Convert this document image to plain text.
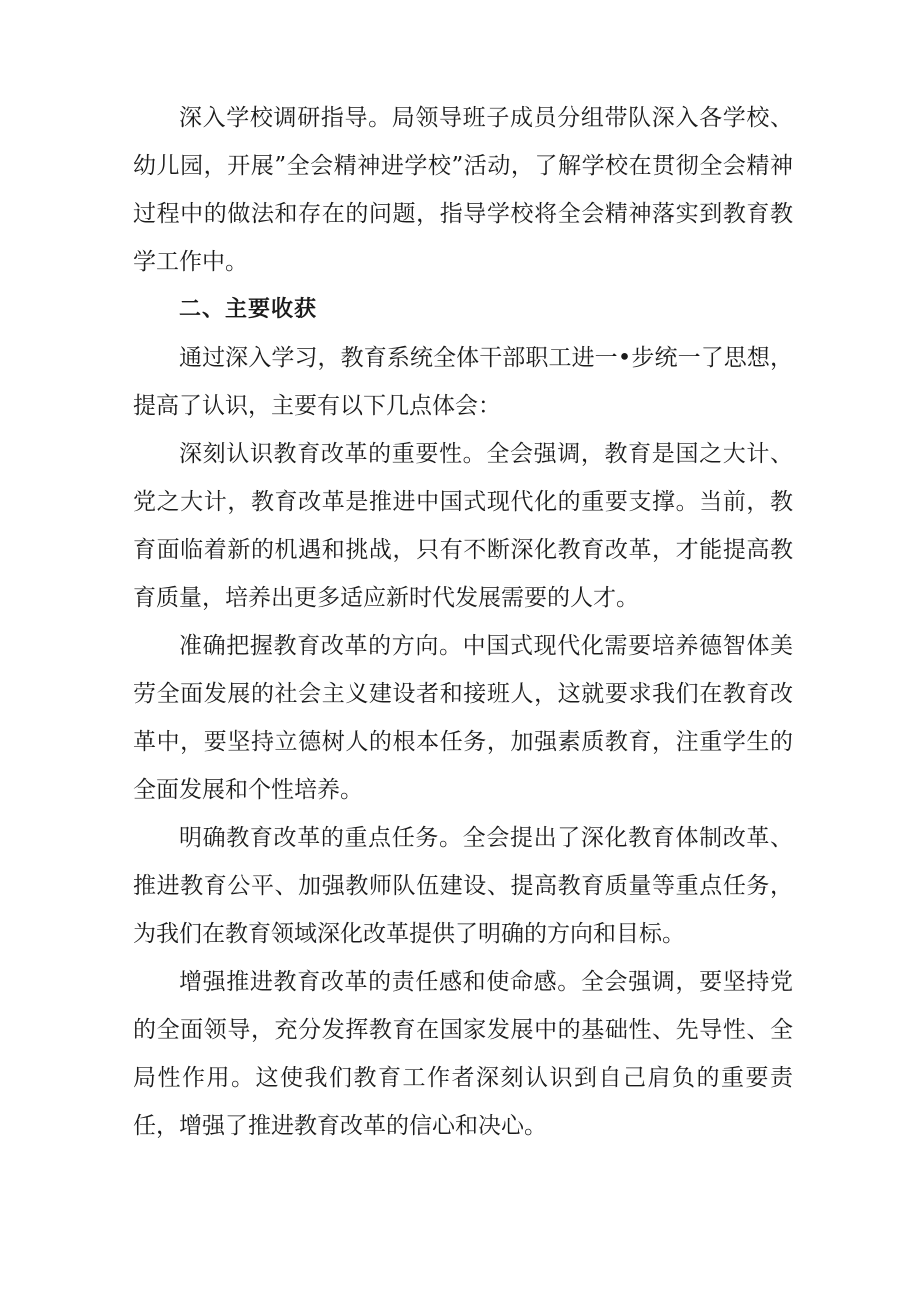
深入学校调研指导。局领导班子成员分组带队深入各学校、幼儿园，开展”全会精神进学校”活动，了解学校在贯彻全会精神过程中的做法和存在的问题，指导学校将全会精神落实到教育教学工作中。

二、主要收获

通过深入学习，教育系统全体干部职工进一•步统一了思想，提高了认识，主要有以下几点体会：

深刻认识教育改革的重要性。全会强调，教育是国之大计、党之大计，教育改革是推进中国式现代化的重要支撑。当前，教育面临着新的机遇和挑战，只有不断深化教育改革，才能提高教育质量，培养出更多适应新时代发展需要的人才。

准确把握教育改革的方向。中国式现代化需要培养德智体美劳全面发展的社会主义建设者和接班人，这就要求我们在教育改革中，要坚持立德树人的根本任务，加强素质教育，注重学生的全面发展和个性培养。

明确教育改革的重点任务。全会提出了深化教育体制改革、推进教育公平、加强教师队伍建设、提高教育质量等重点任务，为我们在教育领域深化改革提供了明确的方向和目标。

增强推进教育改革的责任感和使命感。全会强调，要坚持党的全面领导，充分发挥教育在国家发展中的基础性、先导性、全局性作用。这使我们教育工作者深刻认识到自己肩负的重要责任，增强了推进教育改革的信心和决心。
